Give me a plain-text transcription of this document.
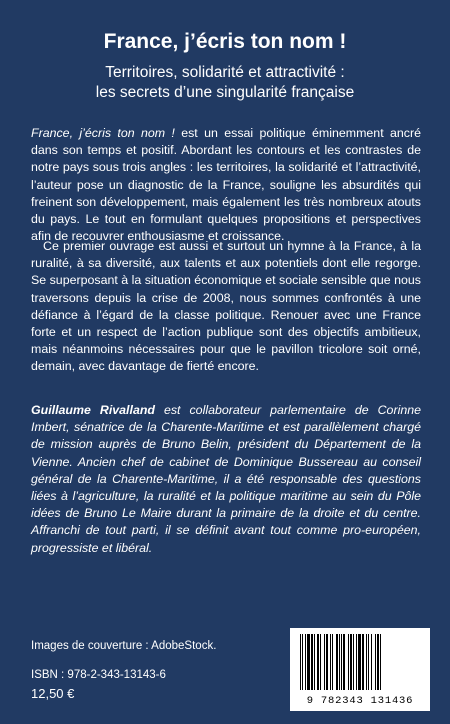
France, j’écris ton nom !
Territoires, solidarité et attractivité :
les secrets d’une singularité française

France, j’écris ton nom ! est un essai politique éminemment ancré dans son temps et positif. Abordant les contours et les contrastes de notre pays sous trois angles : les territoires, la solidarité et l’attractivité, l’auteur pose un diagnostic de la France, souligne les absurdités qui freinent son développement, mais également les très nombreux atouts du pays. Le tout en formulant quelques propositions et perspectives afin de recouvrer enthousiasme et croissance.

Ce premier ouvrage est aussi et surtout un hymne à la France, à la ruralité, à sa diversité, aux talents et aux potentiels dont elle regorge. Se superposant à la situation économique et sociale sensible que nous traversons depuis la crise de 2008, nous sommes confrontés à une défiance à l’égard de la classe politique. Renouer avec une France forte et un respect de l’action publique sont des objectifs ambitieux, mais néanmoins nécessaires pour que le pavillon tricolore soit orné, demain, avec davantage de fierté encore.

Guillaume Rivalland est collaborateur parlementaire de Corinne Imbert, sénatrice de la Charente-Maritime et est parallèlement chargé de mission auprès de Bruno Belin, président du Département de la Vienne. Ancien chef de cabinet de Dominique Bussereau au conseil général de la Charente-Maritime, il a été responsable des questions liées à l’agriculture, la ruralité et la politique maritime au sein du Pôle idées de Bruno Le Maire durant la primaire de la droite et du centre. Affranchi de tout parti, il se définit avant tout comme pro-européen, progressiste et libéral.

Images de couverture : AdobeStock.

ISBN : 978-2-343-13143-6

12,50 €	9 782343 131436
